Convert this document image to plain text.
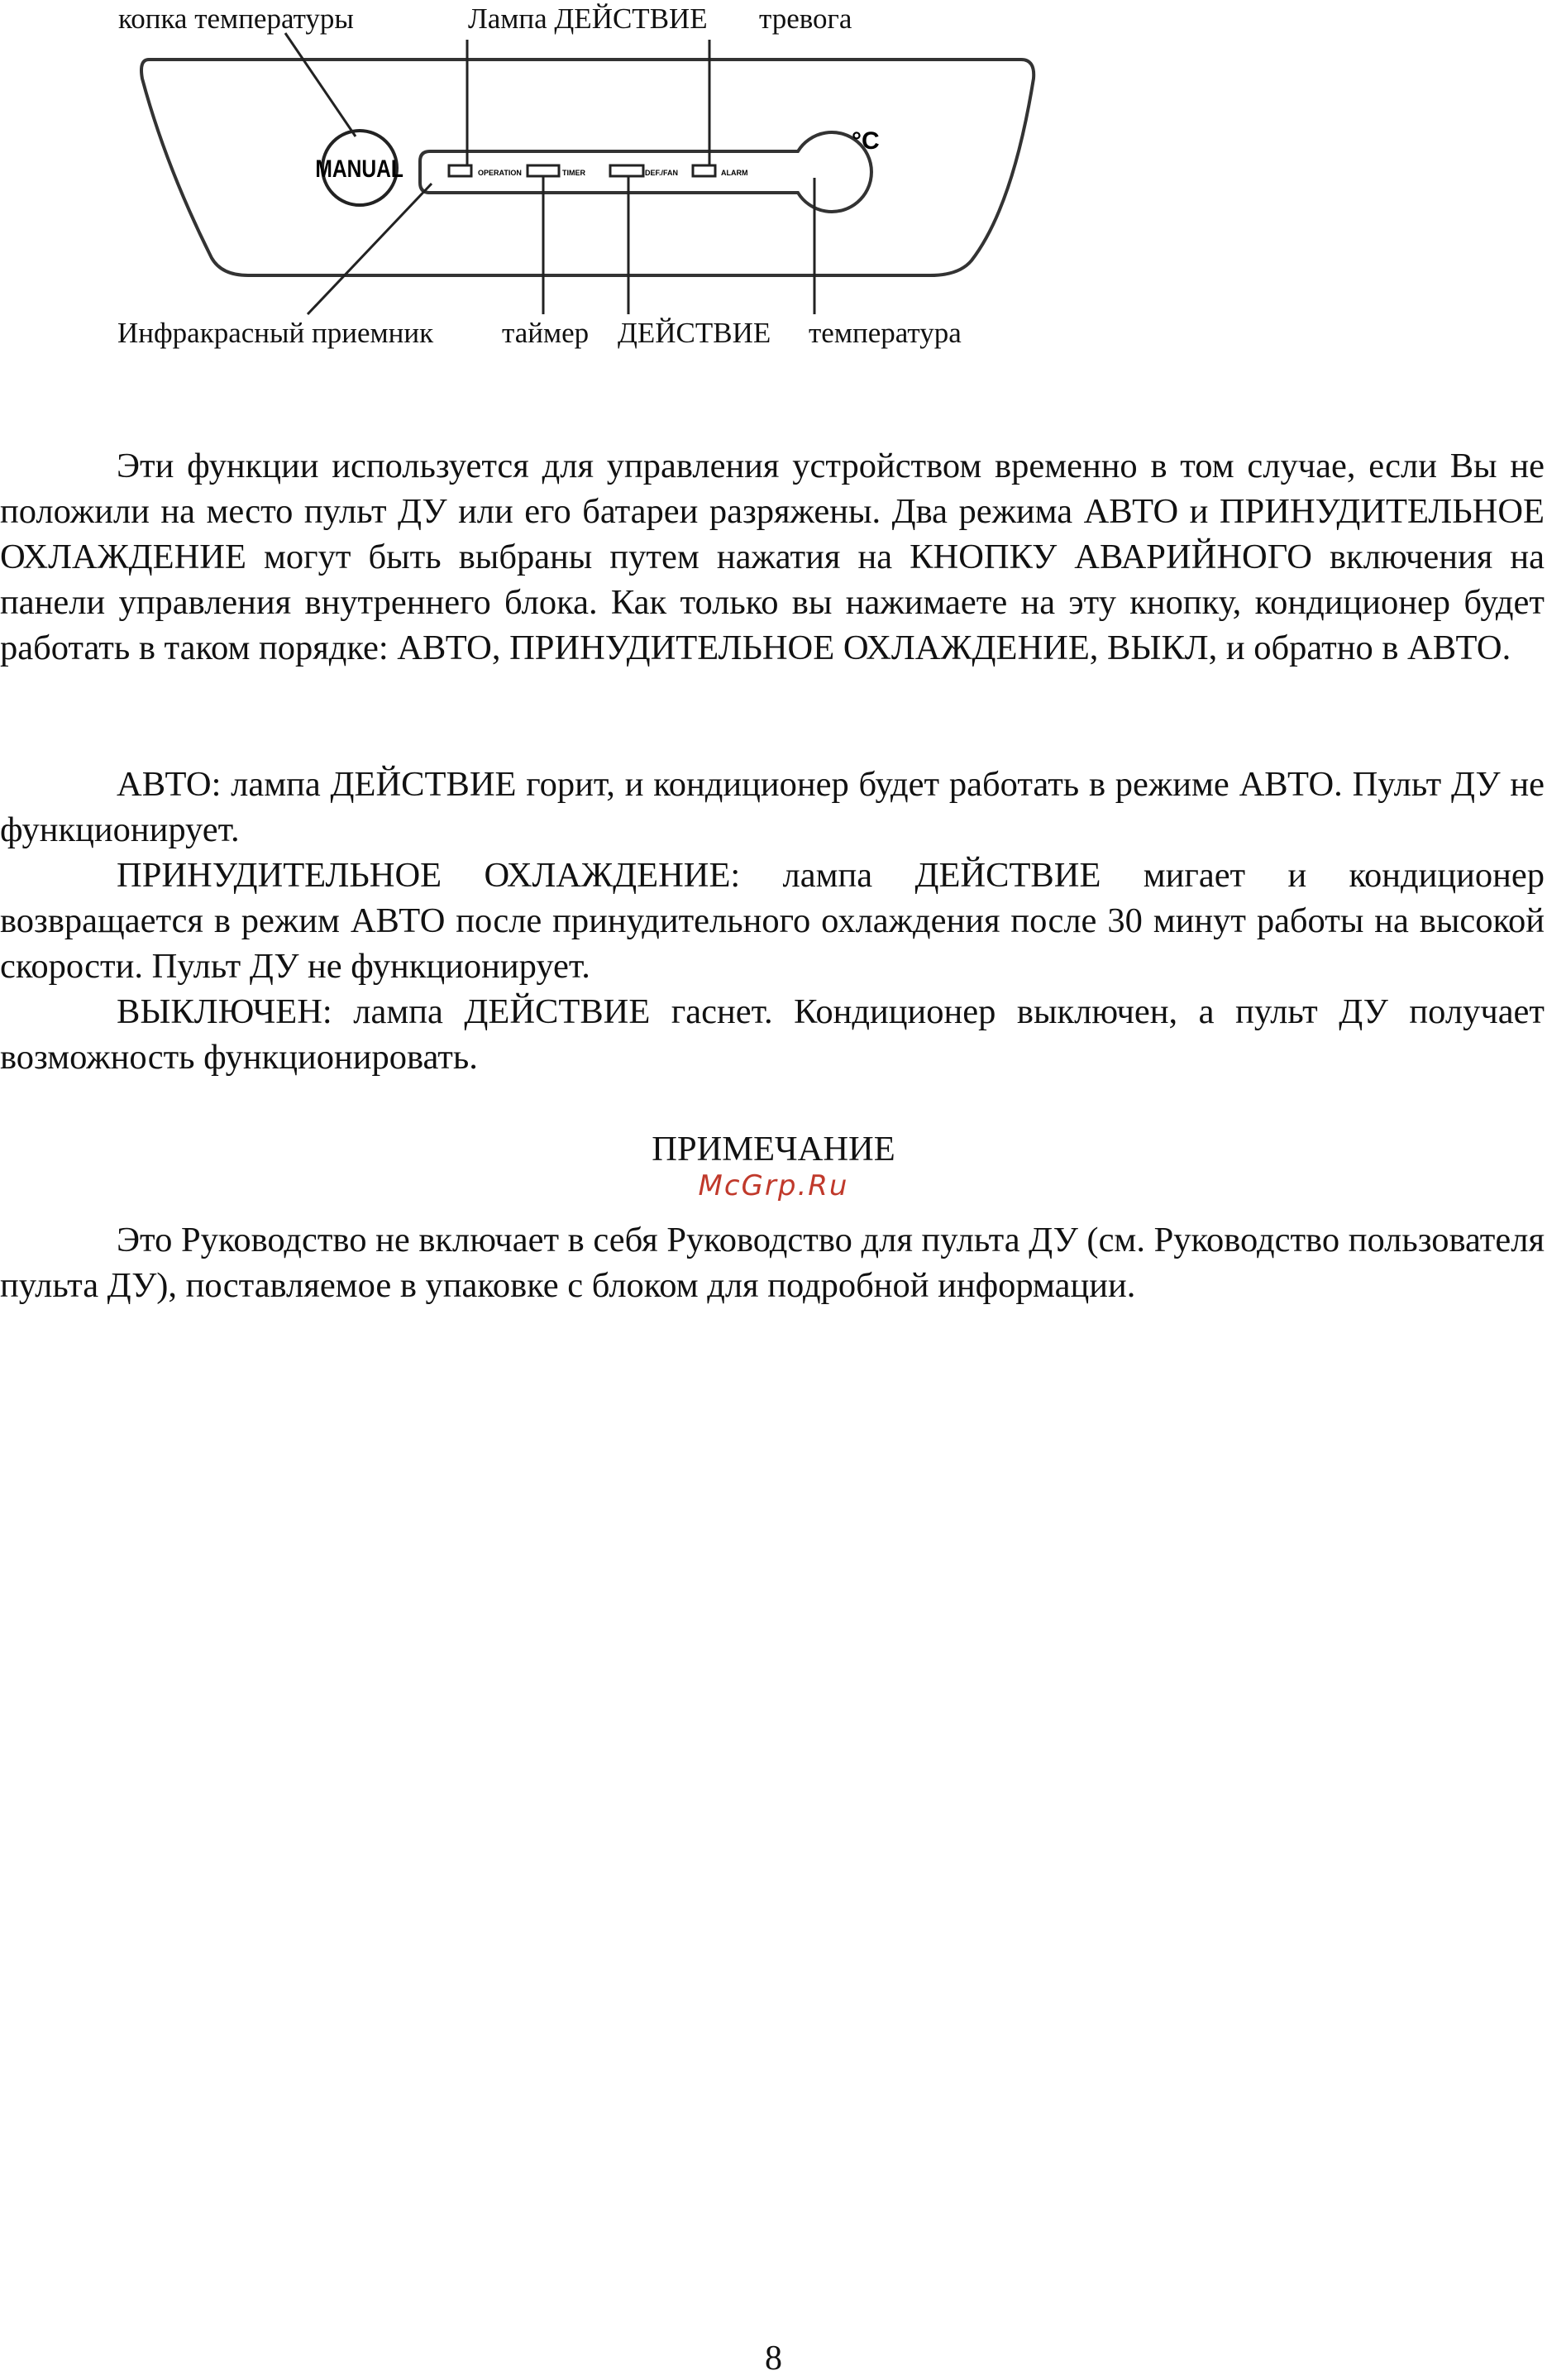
MANUAL	OPERATION	TIMER	DEF./FAN	ALARM
°C
копка температуры	Лампа ДЕЙСТВИЕ тревога
Инфракрасный приемник таймер ДЕЙСТВИЕ температура

Эти функции используется для управления устройством временно в том случае, если Вы не положили на место пульт ДУ или его батареи разряжены. Два режима АВТО и ПРИНУДИТЕЛЬНОЕ ОХЛАЖДЕНИЕ могут быть выбраны путем нажатия на КНОПКУ АВАРИЙНОГО включения на панели управления внутреннего блока. Как только вы нажимаете на эту кнопку, кондиционер будет работать в таком порядке: АВТО, ПРИНУДИТЕЛЬНОЕ ОХЛАЖДЕНИЕ, ВЫКЛ, и обратно в АВТО.

АВТО: лампа ДЕЙСТВИЕ горит, и кондиционер будет работать в режиме АВТО. Пульт ДУ не функционирует.

ПРИНУДИТЕЛЬНОЕ ОХЛАЖДЕНИЕ: лампа ДЕЙСТВИЕ мигает и кондиционер возвращается в режим АВТО после принудительного охлаждения после 30 минут работы на высокой скорости. Пульт ДУ не функционирует.

ВЫКЛЮЧЕН: лампа ДЕЙСТВИЕ гаснет. Кондиционер выключен, а пульт ДУ получает возможность функционировать.

ПРИМЕЧАНИЕ
McGrp.Ru

Это Руководство не включает в себя Руководство для пульта ДУ (см. Руководство пользователя пульта ДУ), поставляемое в упаковке с блоком для подробной информации.

8
